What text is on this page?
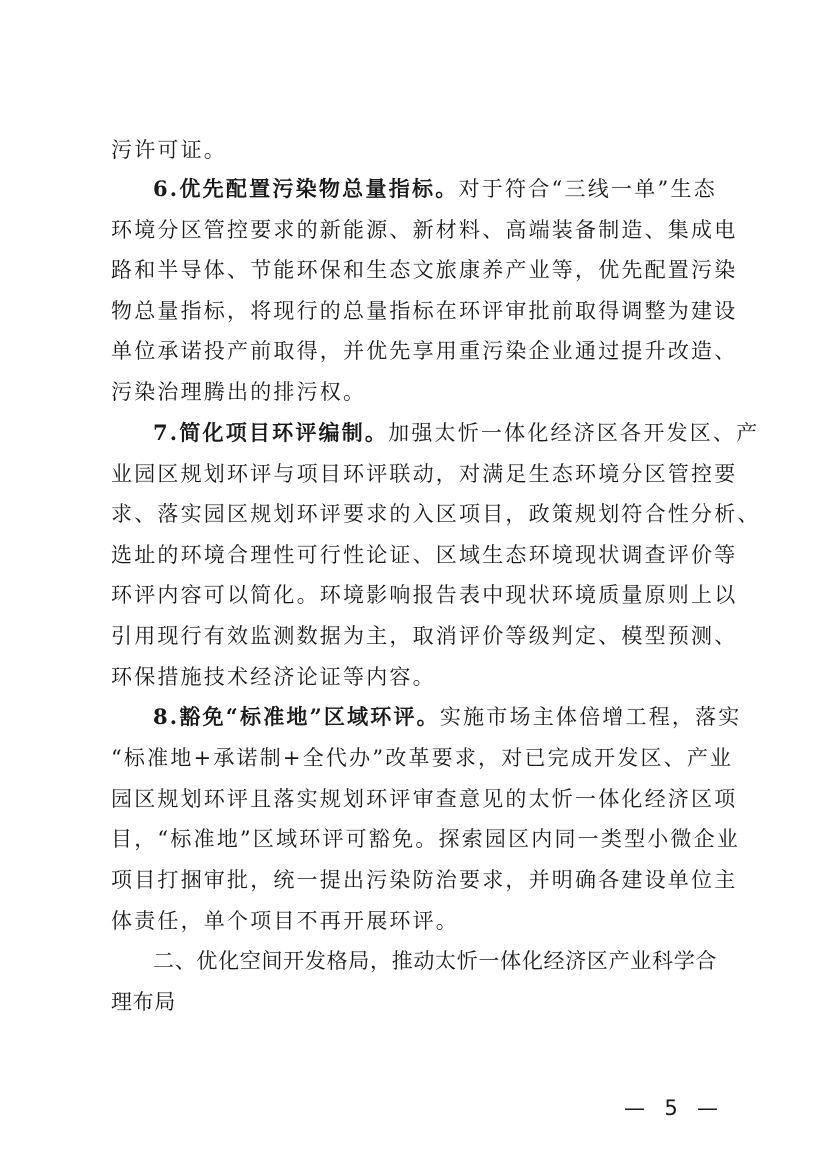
污许可证。
6.优先配置污染物总量指标。对于符合“三线一单”生态
环境分区管控要求的新能源、新材料、高端装备制造、集成电
路和半导体、节能环保和生态文旅康养产业等，优先配置污染
物总量指标，将现行的总量指标在环评审批前取得调整为建设
单位承诺投产前取得，并优先享用重污染企业通过提升改造、
污染治理腾出的排污权。
7.简化项目环评编制。加强太忻一体化经济区各开发区、产
业园区规划环评与项目环评联动，对满足生态环境分区管控要
求、落实园区规划环评要求的入区项目，政策规划符合性分析、
选址的环境合理性可行性论证、区域生态环境现状调查评价等
环评内容可以简化。环境影响报告表中现状环境质量原则上以
引用现行有效监测数据为主，取消评价等级判定、模型预测、
环保措施技术经济论证等内容。
8.豁免“标准地”区域环评。实施市场主体倍增工程，落实
“标准地+承诺制+全代办”改革要求，对已完成开发区、产业
园区规划环评且落实规划环评审查意见的太忻一体化经济区项
目，“标准地”区域环评可豁免。探索园区内同一类型小微企业
项目打捆审批，统一提出污染防治要求，并明确各建设单位主
体责任，单个项目不再开展环评。
二、优化空间开发格局，推动太忻一体化经济区产业科学合
理布局
— 5 —
